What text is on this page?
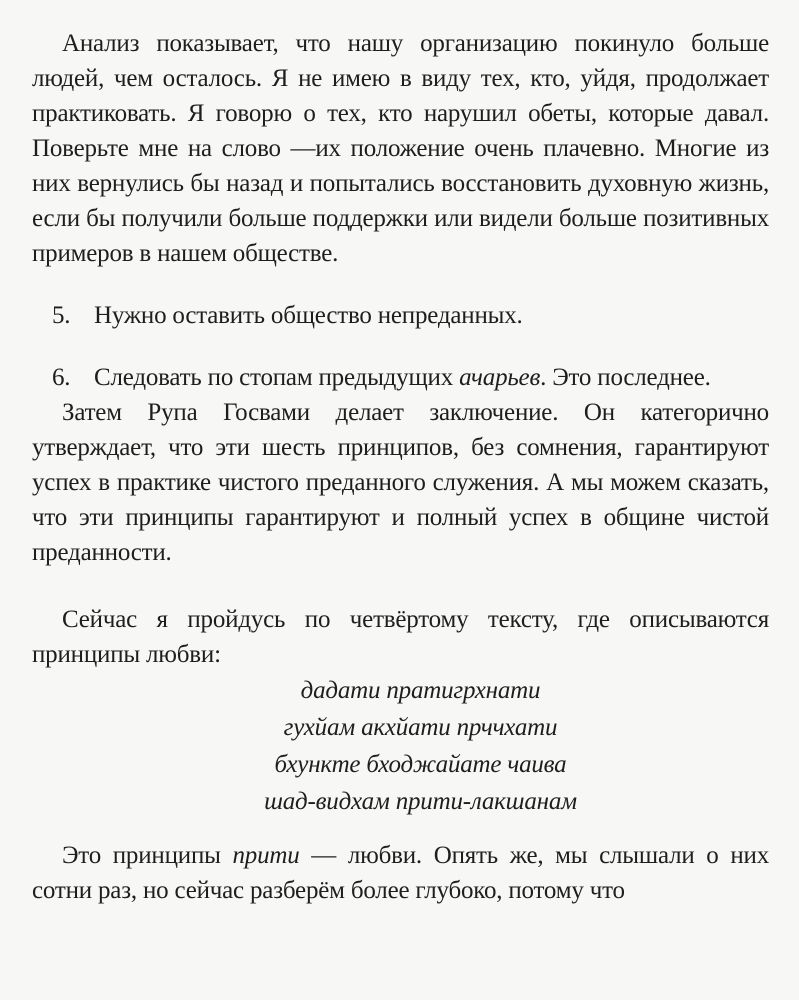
Анализ показывает, что нашу организацию покинуло больше людей, чем осталось. Я не имею в виду тех, кто, уйдя, продолжает практиковать. Я говорю о тех, кто нарушил обеты, которые давал. Поверьте мне на слово —их положение очень плачевно. Многие из них вернулись бы назад и попытались восстановить духовную жизнь, если бы получили больше поддержки или видели больше позитивных примеров в нашем обществе.

5. Нужно оставить общество непреданных.
6. Следовать по стопам предыдущих ачарьев. Это последнее.

Затем Рупа Госвами делает заключение. Он категорично утверждает, что эти шесть принципов, без сомнения, гарантируют успех в практике чистого преданного служения. А мы можем сказать, что эти принципы гарантируют и полный успех в общине чистой преданности.

Сейчас я пройдусь по четвёртому тексту, где описываются принципы любви:

дадати пратигрхнати
гухйам акхйати прччхати
бхункте бходжайате чаива
шад-видхам прити-лакшанам

Это принципы прити — любви. Опять же, мы слышали о них сотни раз, но сейчас разберём более глубоко, потому что
